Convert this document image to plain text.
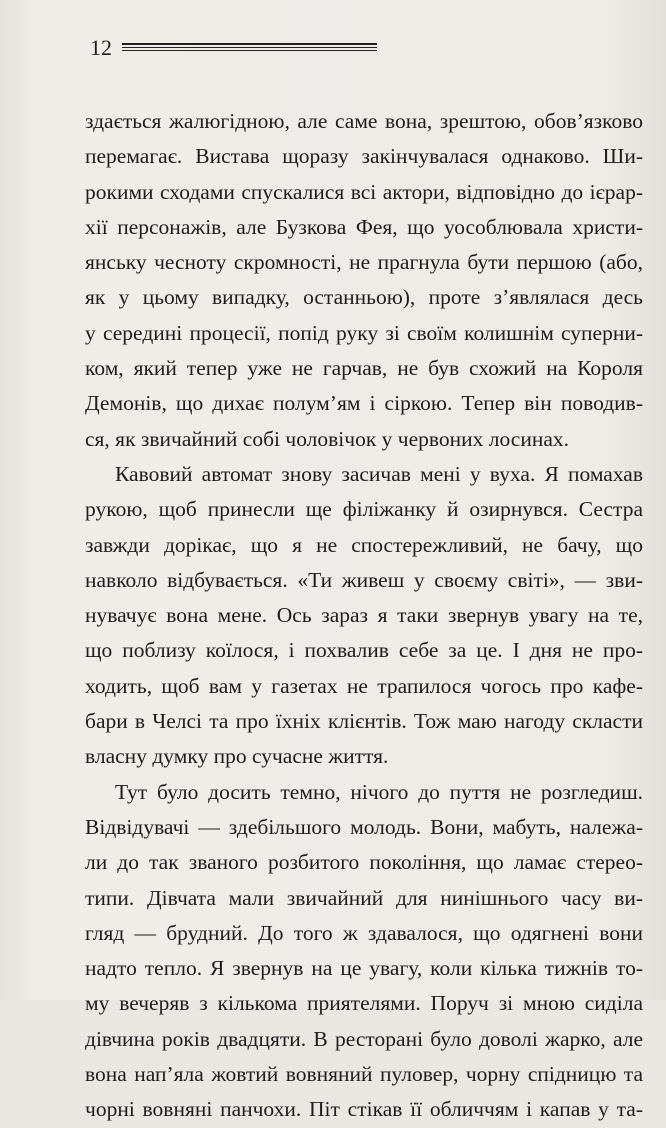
12
здається жалюгідною, але саме вона, зрештою, обов’язково
перемагає. Вистава щоразу закінчувалася однаково. Ши-
рокими сходами спускалися всі актори, відповідно до ієрар-
хії персонажів, але Бузкова Фея, що уособлювала христи-
янську чесноту скромності, не прагнула бути першою (або,
як у цьому випадку, останньою), проте з’являлася десь
у середині процесії, попід руку зі своїм колишнім суперни-
ком, який тепер уже не гарчав, не був схожий на Короля
Демонів, що дихає полум’ям і сіркою. Тепер він поводив-
ся, як звичайний собі чоловічок у червоних лосинах.
Кавовий автомат знову засичав мені у вуха. Я помахав
рукою, щоб принесли ще філіжанку й озирнувся. Сестра
завжди дорікає, що я не спостережливий, не бачу, що
навколо відбувається. «Ти живеш у своєму світі», — зви-
нувачує вона мене. Ось зараз я таки звернув увагу на те,
що поблизу коїлося, і похвалив себе за це. І дня не про-
ходить, щоб вам у газетах не трапилося чогось про кафе-
бари в Челсі та про їхніх клієнтів. Тож маю нагоду скласти
власну думку про сучасне життя.
Тут було досить темно, нічого до пуття не розгледиш.
Відвідувачі — здебільшого молодь. Вони, мабуть, належа-
ли до так званого розбитого покоління, що ламає стерео-
типи. Дівчата мали звичайний для нинішнього часу ви-
гляд — брудний. До того ж здавалося, що одягнені вони
надто тепло. Я звернув на це увагу, коли кілька тижнів то-
му вечеряв з кількома приятелями. Поруч зі мною сиділа
дівчина років двадцяти. В ресторані було доволі жарко, але
вона нап’яла жовтий вовняний пуловер, чорну спідницю та
чорні вовняні панчохи. Піт стікав її обличчям і капав у та-
